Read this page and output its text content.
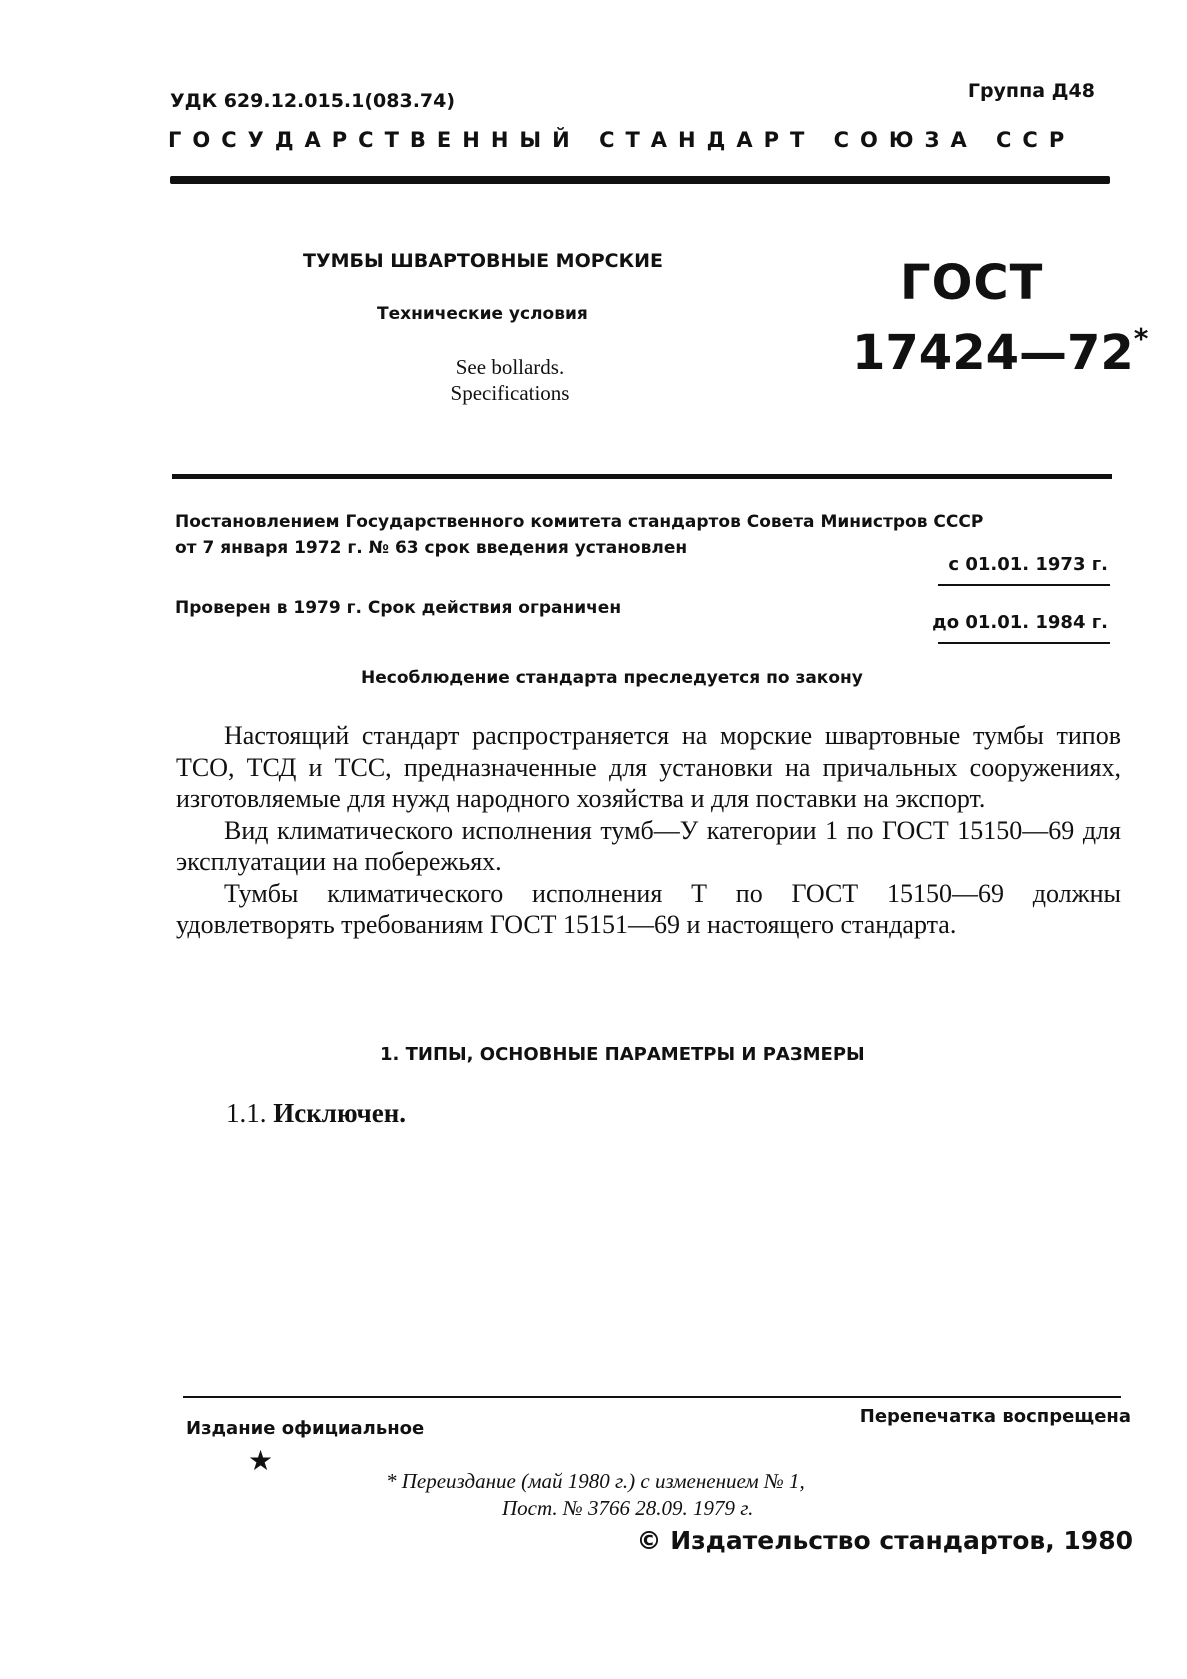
УДК 629.12.015.1(083.74)	Группа Д48
ГОСУДАРСТВЕННЫЙ СТАНДАРТ СОЮЗА ССР
ТУМБЫ ШВАРТОВНЫЕ МОРСКИЕ
Технические условия
See bollards.
Specifications
ГОСТ
17424—72*
Постановлением Государственного комитета стандартов Совета Министров СССР
от 7 января 1972 г. № 63 срок введения установлен
с 01.01. 1973 г.
Проверен в 1979 г. Срок действия ограничен
до 01.01. 1984 г.
Несоблюдение стандарта преследуется по закону

Настоящий стандарт распространяется на морские швартовные тумбы типов ТСО, ТСД и ТСС, предназначенные для установки на причальных сооружениях, изготовляемые для нужд народного хозяйства и для поставки на экспорт.

Вид климатического исполнения тумб—У категории 1 по ГОСТ 15150—69 для эксплуатации на побережьях.

Тумбы климатического исполнения Т по ГОСТ 15150—69 должны удовлетворять требованиям ГОСТ 15151—69 и настоящего стандарта.

1. ТИПЫ, ОСНОВНЫЕ ПАРАМЕТРЫ И РАЗМЕРЫ
1.1. Исключен.
Издание официальное
★
Перепечатка воспрещена
* Переиздание (май 1980 г.) с изменением № 1,
Пост. № 3766 28.09. 1979 г.
© Издательство стандартов, 1980
